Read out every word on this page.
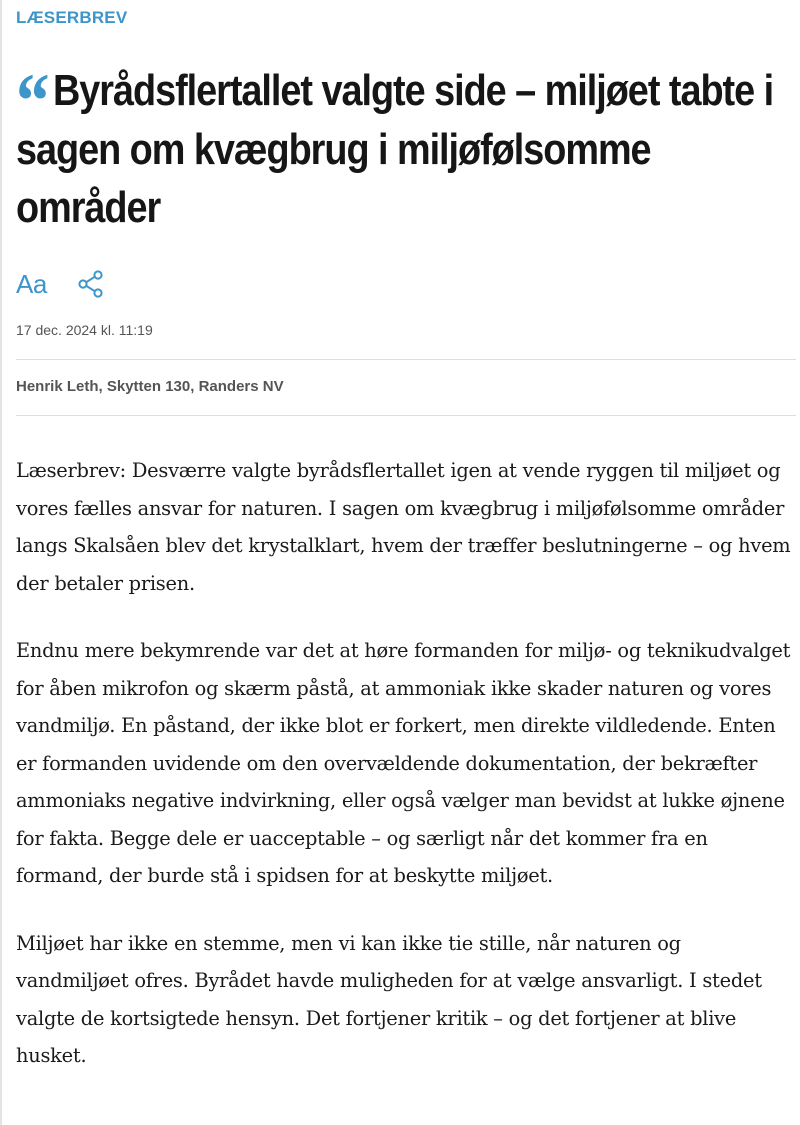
LÆSERBREV
“ Byrådsflertallet valgte side – miljøet tabte i sagen om kvægbrug i miljøfølsomme områder
Aa
17 dec. 2024 kl. 11:19
Henrik Leth, Skytten 130, Randers NV

Læserbrev: Desværre valgte byrådsflertallet igen at vende ryggen til miljøet og vores fælles ansvar for naturen. I sagen om kvægbrug i miljøfølsomme områder langs Skalsåen blev det krystalklart, hvem der træffer beslutningerne – og hvem der betaler prisen.

Endnu mere bekymrende var det at høre formanden for miljø- og teknikudvalget for åben mikrofon og skærm påstå, at ammoniak ikke skader naturen og vores vandmiljø. En påstand, der ikke blot er forkert, men direkte vildledende. Enten er formanden uvidende om den overvældende dokumentation, der bekræfter ammoniaks negative indvirkning, eller også vælger man bevidst at lukke øjnene for fakta. Begge dele er uacceptable – og særligt når det kommer fra en formand, der burde stå i spidsen for at beskytte miljøet.

Miljøet har ikke en stemme, men vi kan ikke tie stille, når naturen og vandmiljøet ofres. Byrådet havde muligheden for at vælge ansvarligt. I stedet valgte de kortsigtede hensyn. Det fortjener kritik – og det fortjener at blive husket.
